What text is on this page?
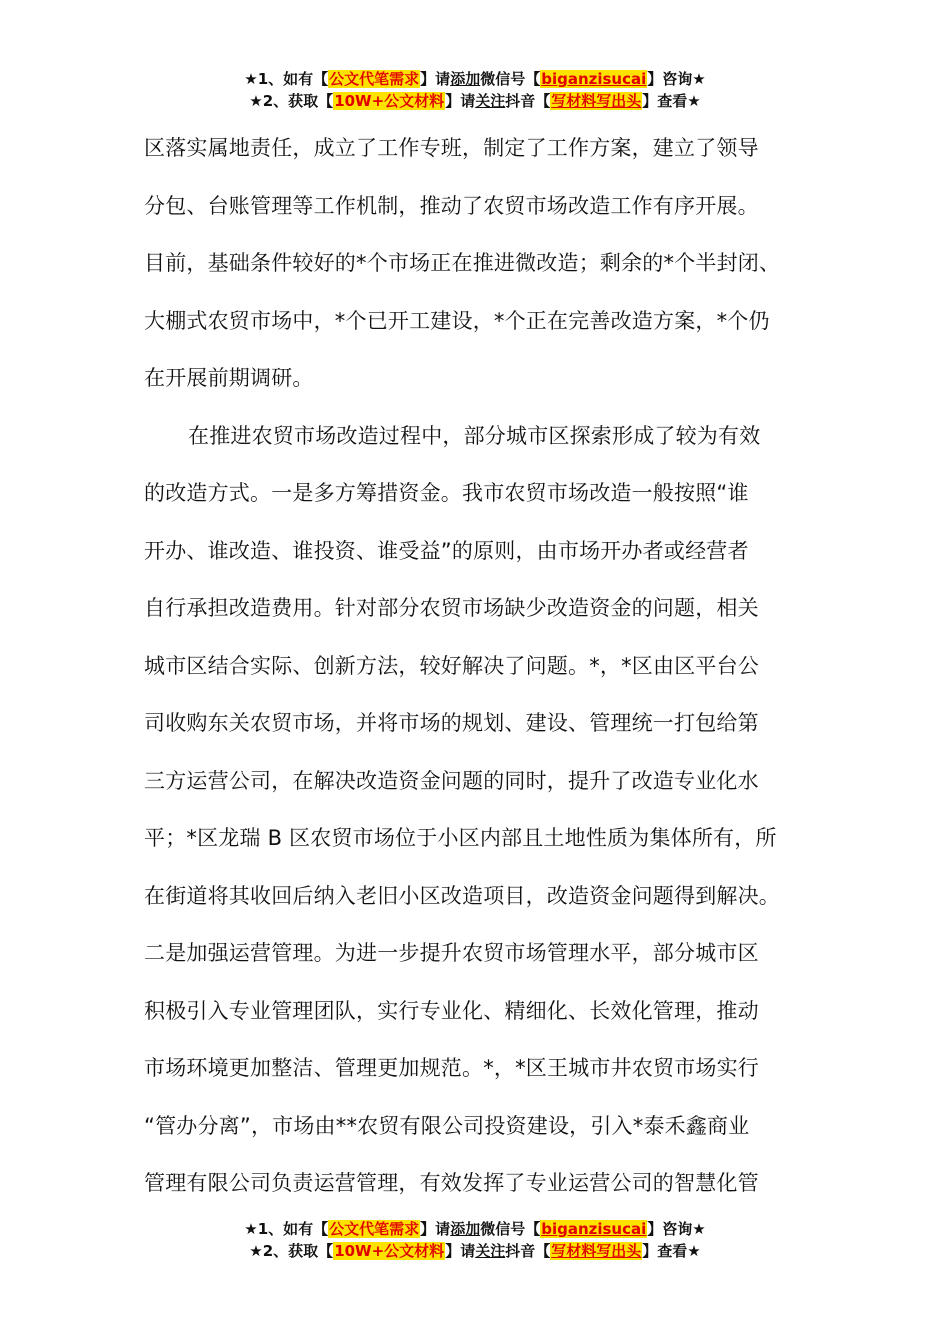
★1、如有【公文代笔需求】请添加微信号【biganzisucai】咨询★
★2、获取【10W+公文材料】请关注抖音【写材料写出头】查看★

区落实属地责任，成立了工作专班，制定了工作方案，建立了领导
分包、台账管理等工作机制，推动了农贸市场改造工作有序开展。
目前，基础条件较好的*个市场正在推进微改造；剩余的*个半封闭、
大棚式农贸市场中，*个已开工建设，*个正在完善改造方案，*个仍
在开展前期调研。

在推进农贸市场改造过程中，部分城市区探索形成了较为有效
的改造方式。一是多方筹措资金。我市农贸市场改造一般按照“谁
开办、谁改造、谁投资、谁受益”的原则，由市场开办者或经营者
自行承担改造费用。针对部分农贸市场缺少改造资金的问题，相关
城市区结合实际、创新方法，较好解决了问题。*，*区由区平台公
司收购东关农贸市场，并将市场的规划、建设、管理统一打包给第
三方运营公司，在解决改造资金问题的同时，提升了改造专业化水
平；*区龙瑞 B 区农贸市场位于小区内部且土地性质为集体所有，所
在街道将其收回后纳入老旧小区改造项目，改造资金问题得到解决。
二是加强运营管理。为进一步提升农贸市场管理水平，部分城市区
积极引入专业管理团队，实行专业化、精细化、长效化管理，推动
市场环境更加整洁、管理更加规范。*，*区王城市井农贸市场实行
“管办分离”，市场由**农贸有限公司投资建设，引入*泰禾鑫商业
管理有限公司负责运营管理，有效发挥了专业运营公司的智慧化管

★1、如有【公文代笔需求】请添加微信号【biganzisucai】咨询★
★2、获取【10W+公文材料】请关注抖音【写材料写出头】查看★
